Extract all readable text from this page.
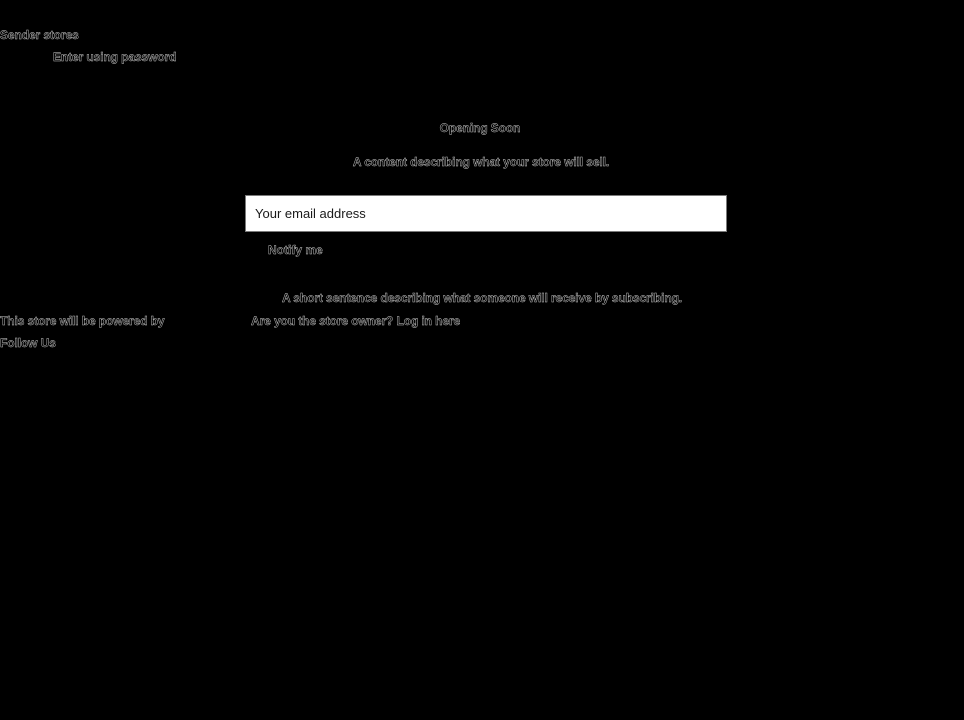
Sender stores
Enter using password
Opening Soon

A content describing what your store will sell.

Your email address
Notify me

A short sentence describing what someone will receive by subscribing.

This store will be powered by	Are you the store owner? Log in here
Follow Us
